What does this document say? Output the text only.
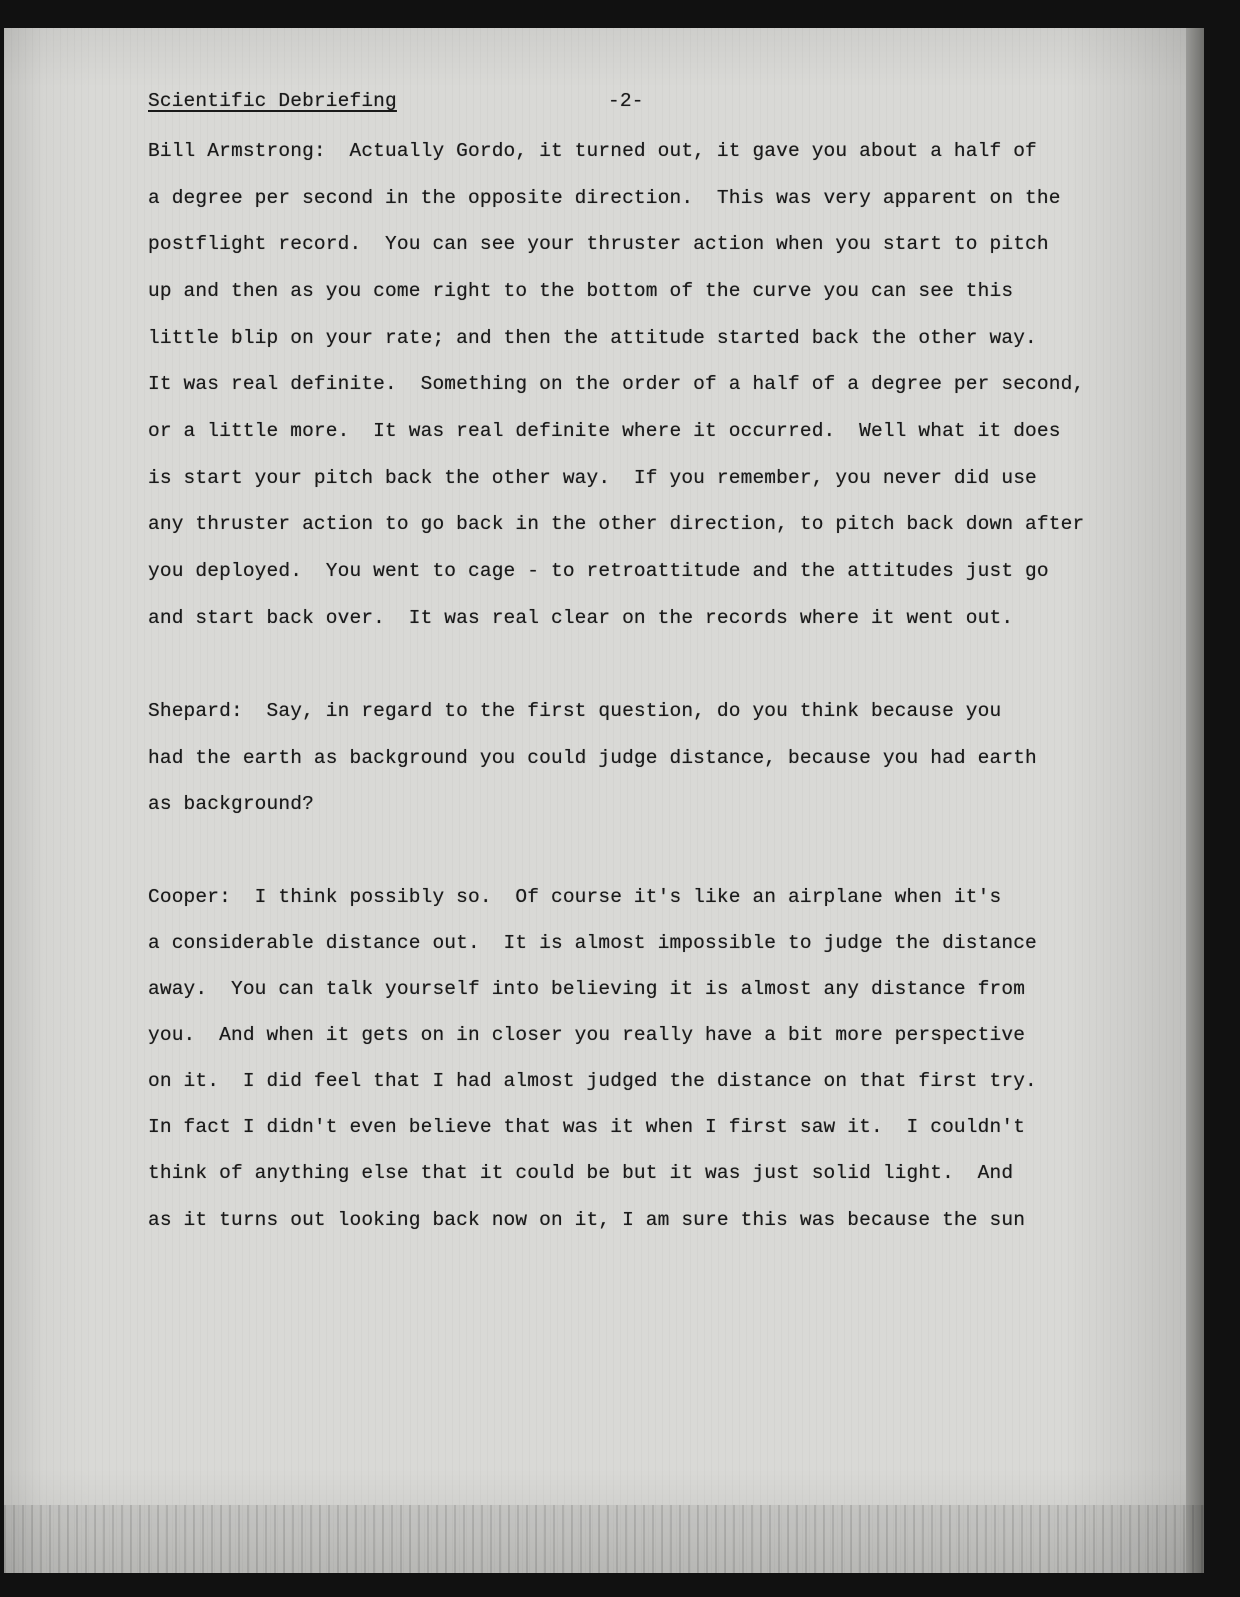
Scientific Debriefing	-2-
Bill Armstrong:  Actually Gordo, it turned out, it gave you about a half of
a degree per second in the opposite direction.  This was very apparent on the
postflight record.  You can see your thruster action when you start to pitch
up and then as you come right to the bottom of the curve you can see this
little blip on your rate; and then the attitude started back the other way.
It was real definite.  Something on the order of a half of a degree per second,
or a little more.  It was real definite where it occurred.  Well what it does
is start your pitch back the other way.  If you remember, you never did use
any thruster action to go back in the other direction, to pitch back down after
you deployed.  You went to cage - to retroattitude and the attitudes just go
and start back over.  It was real clear on the records where it went out.
Shepard:  Say, in regard to the first question, do you think because you
had the earth as background you could judge distance, because you had earth
as background?
Cooper:  I think possibly so.  Of course it's like an airplane when it's
a considerable distance out.  It is almost impossible to judge the distance
away.  You can talk yourself into believing it is almost any distance from
you.  And when it gets on in closer you really have a bit more perspective
on it.  I did feel that I had almost judged the distance on that first try.
In fact I didn't even believe that was it when I first saw it.  I couldn't
think of anything else that it could be but it was just solid light.  And
as it turns out looking back now on it, I am sure this was because the sun
